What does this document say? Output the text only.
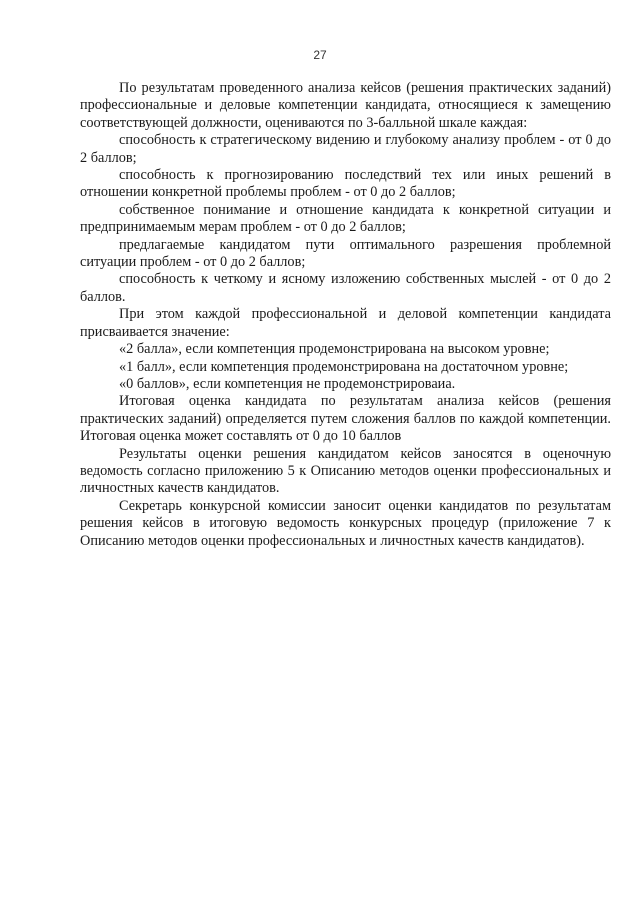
27

По результатам проведенного анализа кейсов (решения практических заданий) профессиональные и деловые компетенции кандидата, относящиеся к замещению соответствующей должности, оцениваются по 3-балльной шкале каждая:

способность к стратегическому видению и глубокому анализу проблем - от 0 до 2 баллов;

способность к прогнозированию последствий тех или иных решений в отношении конкретной проблемы проблем - от 0 до 2 баллов;

собственное понимание и отношение кандидата к конкретной ситуации и предпринимаемым мерам проблем - от 0 до 2 баллов;

предлагаемые кандидатом пути оптимального разрешения проблемной ситуации проблем - от 0 до 2 баллов;

способность к четкому и ясному изложению собственных мыслей - от 0 до 2 баллов.

При этом каждой профессиональной и деловой компетенции кандидата присваивается значение:

«2 балла», если компетенция продемонстрирована на высоком уровне;

«1 балл», если компетенция продемонстрирована на достаточном уровне;

«0 баллов», если компетенция не продемонстрироваиа.

Итоговая оценка кандидата по результатам анализа кейсов (решения практических заданий) определяется путем сложения баллов по каждой компетенции. Итоговая оценка может составлять от 0 до 10 баллов

Результаты оценки решения кандидатом кейсов заносятся в оценочную ведомость согласно приложению 5 к Описанию методов оценки профессиональных и личностных качеств кандидатов.

Секретарь конкурсной комиссии заносит оценки кандидатов по результатам решения кейсов в итоговую ведомость конкурсных процедур (приложение 7 к Описанию методов оценки профессиональных и личностных качеств кандидатов).
